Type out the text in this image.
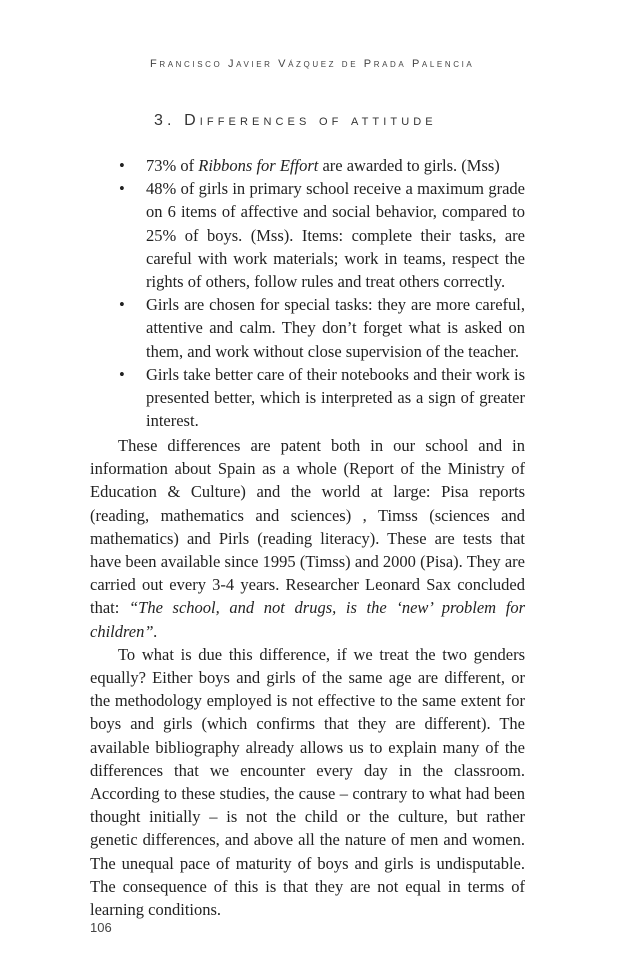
Francisco Javier Vázquez de Prada Palencia
3. Differences of attitude
• 73% of Ribbons for Effort are awarded to girls. (Mss)
• 48% of girls in primary school receive a maximum grade on 6 items of affective and social behavior, compared to 25% of boys. (Mss). Items: complete their tasks, are careful with work materials; work in teams, respect the rights of others, follow rules and treat others correctly.
• Girls are chosen for special tasks: they are more careful, attentive and calm. They don’t forget what is asked on them, and work without close supervision of the teacher.
• Girls take better care of their notebooks and their work is presented better, which is interpreted as a sign of greater interest.

These differences are patent both in our school and in information about Spain as a whole (Report of the Ministry of Education & Culture) and the world at large: Pisa reports (reading, mathematics and sciences) , Timss (sciences and mathematics) and Pirls (reading literacy). These are tests that have been available since 1995 (Timss) and 2000 (Pisa). They are carried out every 3-4 years. Researcher Leonard Sax concluded that: “The school, and not drugs, is the ‘new’ problem for children”.

To what is due this difference, if we treat the two genders equally? Either boys and girls of the same age are different, or the methodology employed is not effective to the same extent for boys and girls (which confirms that they are different). The available bibliography already allows us to explain many of the differences that we encounter every day in the classroom. According to these studies, the cause – contrary to what had been thought initially – is not the child or the culture, but rather genetic differences, and above all the nature of men and women. The unequal pace of maturity of boys and girls is undisputable. The consequence of this is that they are not equal in terms of learning conditions.

106
